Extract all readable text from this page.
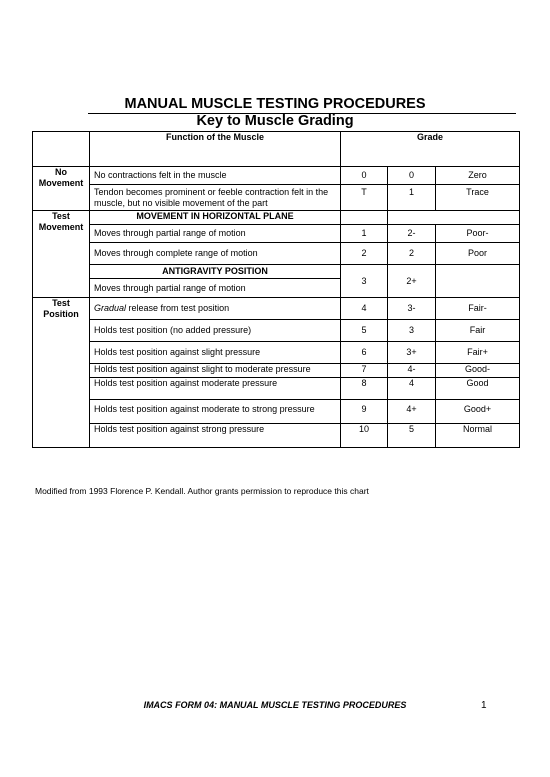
MANUAL MUSCLE TESTING PROCEDURES
Key to Muscle Grading
	Function of the Muscle	Grade		
No Movement	No contractions felt in the muscle	0	0	Zero
	Tendon becomes prominent or feeble contraction felt in the muscle, but no visible movement of the part	T	1	Trace
Test Movement	MOVEMENT IN HORIZONTAL PLANE			
	Moves through partial range of motion	1	2-	Poor-
	Moves through complete range of motion	2	2	Poor
	ANTIGRAVITY POSITION	3	2+	
	Moves through partial range of motion			
Test Position	Gradual release from test position	4	3-	Fair-
	Holds test position (no added pressure)	5	3	Fair
	Holds test position against slight pressure	6	3+	Fair+
	Holds test position against slight to moderate pressure	7	4-	Good-
	Holds test position against moderate pressure	8	4	Good
	Holds test position against moderate to strong pressure	9	4+	Good+
	Holds test position against strong pressure	10	5	Normal
Modified from 1993 Florence P. Kendall. Author grants permission to reproduce this chart
IMACS FORM 04: MANUAL MUSCLE TESTING PROCEDURES	1
